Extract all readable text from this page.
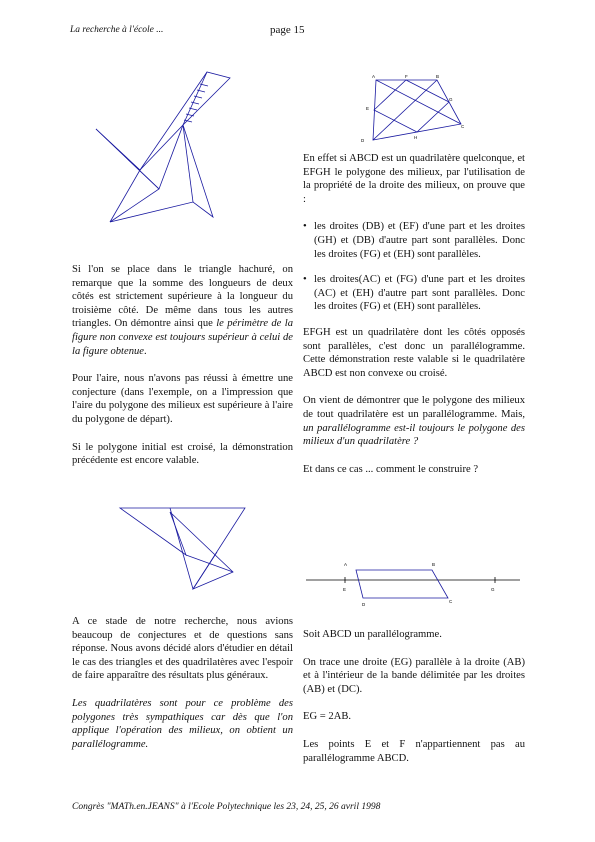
La recherche à l'école ...	page 15
A	F	B
G
E
H
C
D
A	B
E	G
D
C

Si l'on se place dans le triangle hachuré, on remarque que la somme des longueurs de deux côtés est strictement supérieure à la longueur du troisième côté. De même dans tous les autres triangles. On démontre ainsi que le périmètre de la figure non convexe est toujours supérieur à celui de la figure obtenue.

Pour l'aire, nous n'avons pas réussi à émettre une conjecture (dans l'exemple, on a l'impression que l'aire du polygone des milieux est supérieure à l'aire du polygone de départ).

Si le polygone initial est croisé, la démonstration précédente est encore valable.

A ce stade de notre recherche, nous avions beaucoup de conjectures et de questions sans réponse. Nous avons décidé alors d'étudier en détail le cas des triangles et des quadrilatères avec l'espoir de faire apparaître des résultats plus généraux.

Les quadrilatères sont pour ce problème des polygones très sympathiques car dès que l'on applique l'opération des milieux, on obtient un parallélogramme.

En effet si ABCD est un quadrilatère quelconque, et EFGH le polygone des milieux, par l'utilisation de la propriété de la droite des milieux, on prouve que :

• les droites (DB) et (EF) d'une part et les droites (GH) et (DB) d'autre part sont parallèles. Donc les droites (FG) et (EH) sont parallèles.
• les droites(AC) et (FG) d'une part et les droites (AC) et (EH) d'autre part sont parallèles. Donc les droites (FG) et (EH) sont parallèles.

EFGH est un quadrilatère dont les côtés opposés sont parallèles, c'est donc un parallélogramme. Cette démonstration reste valable si le quadrilatère ABCD est non convexe ou croisé.

On vient de démontrer que le polygone des milieux de tout quadrilatère est un parallélogramme. Mais, un parallélogramme est-il toujours le polygone des milieux d'un quadrilatère ?

Et dans ce cas ... comment le construire ?

Soit ABCD un parallélogramme.

On trace une droite (EG) parallèle à la droite (AB) et à l'intérieur de la bande délimitée par les droites (AB) et (DC).

EG = 2AB.

Les points E et F n'appartiennent pas au parallélogramme ABCD.

Congrès "MATh.en.JEANS" à l'Ecole Polytechnique les 23, 24, 25, 26 avril 1998
